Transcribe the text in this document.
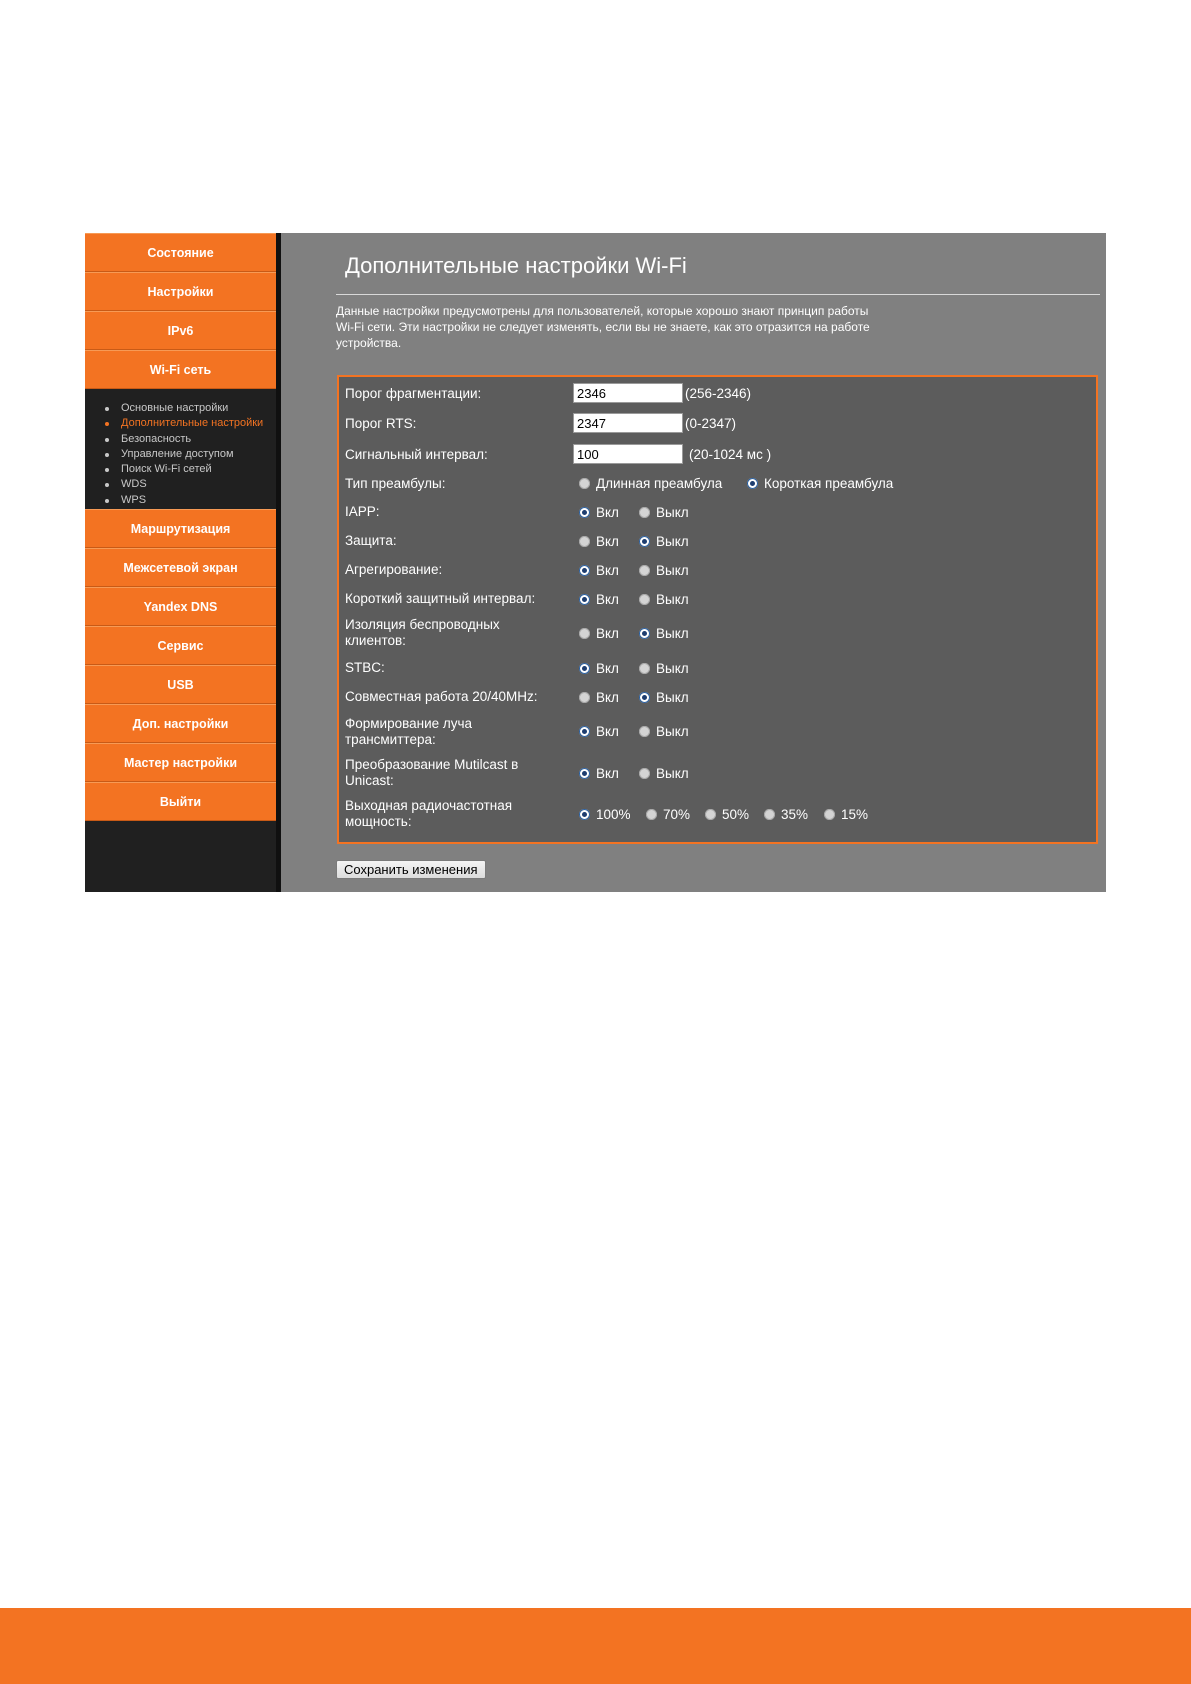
Состояние
Настройки
IPv6
Wi-Fi сеть
Основные настройки
Дополнительные настройки
Безопасность
Управление доступом
Поиск Wi-Fi сетей
WDS
WPS
Маршрутизация
Межсетевой экран
Yandex DNS
Сервис
USB
Доп. настройки
Мастер настройки
Выйти
Дополнительные настройки Wi-Fi

Данные настройки предусмотрены для пользователей, которые хорошо знают принцип работы

Wi-Fi сети. Эти настройки не следует изменять, если вы не знаете, как это отразится на работе

устройства.

Порог фрагментации:
2346	(256-2346)
Порог RTS:
2347	(0-2347)
Сигнальный интервал:
100	(20-1024 мс )
Тип преамбулы:	Длинная преамбула	Короткая преамбула
IAPP:	Вкл	Выкл
Защита:	Вкл	Выкл
Агрегирование:	Вкл	Выкл
Короткий защитный интервал:	Вкл	Выкл
Изоляция беспроводных
клиентов:	Вкл	Выкл
STBC:	Вкл	Выкл
Совместная работа 20/40MHz:	Вкл	Выкл
Формирование луча
трансмиттера:
Вкл	Выкл
Преобразование Mutilcast в
Unicast:	Вкл	Выкл
Выходная радиочастотная
мощность:	100% 70% 50% 35% 15%
Сохранить изменения
